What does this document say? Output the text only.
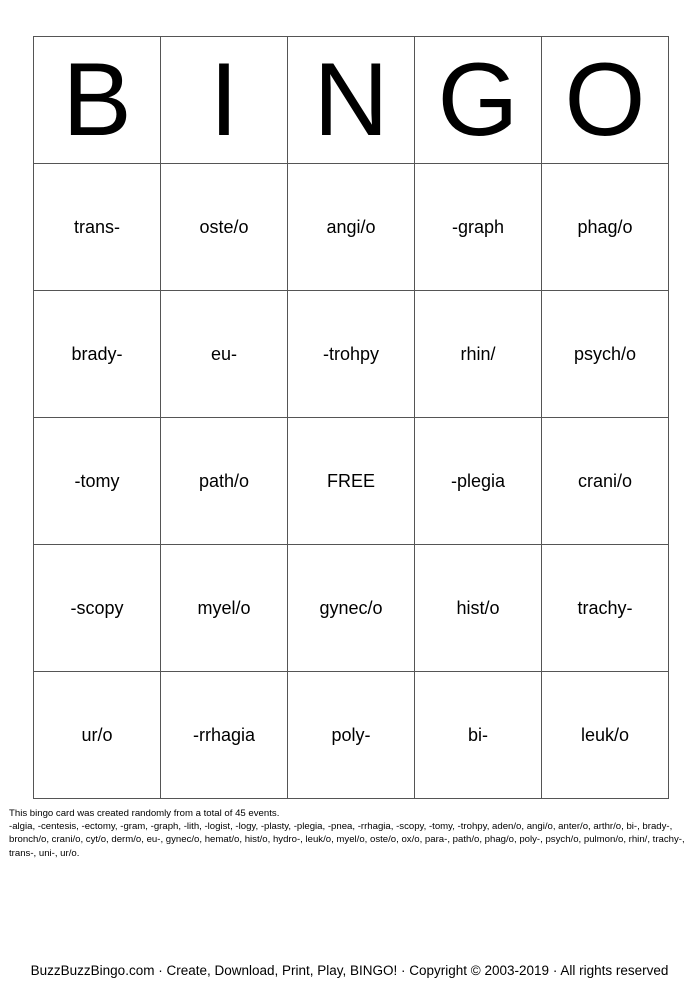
B	I	N	G	O
trans-	oste/o	angi/o	-graph	phag/o
brady-	eu-	-trohpy	rhin/	psych/o
-tomy	path/o	FREE	-plegia	crani/o
-scopy	myel/o	gynec/o	hist/o	trachy-
ur/o	-rrhagia	poly-	bi-	leuk/o
This bingo card was created randomly from a total of 45 events.
-algia, -centesis, -ectomy, -gram, -graph, -lith, -logist, -logy, -plasty, -plegia, -pnea, -rrhagia, -scopy, -tomy, -trohpy, aden/o, angi/o, anter/o, arthr/o, bi-, brady-, bronch/o, crani/o, cyt/o, derm/o, eu-, gynec/o, hemat/o, hist/o, hydro-, leuk/o, myel/o, oste/o, ox/o, para-, path/o, phag/o, poly-, psych/o, pulmon/o, rhin/, trachy-, trans-, uni-, ur/o.
BuzzBuzzBingo.com · Create, Download, Print, Play, BINGO! · Copyright © 2003-2019 · All rights reserved
